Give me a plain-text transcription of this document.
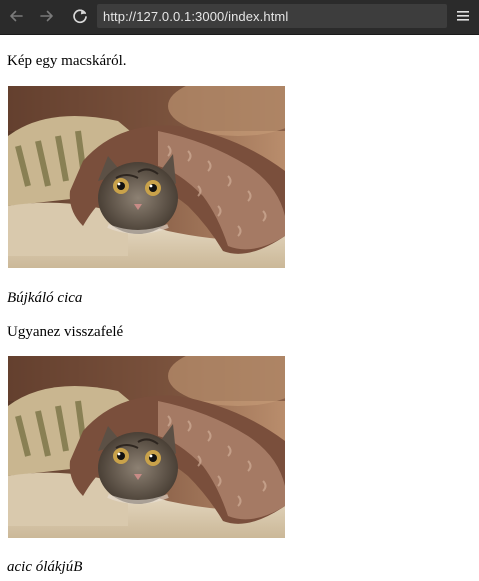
http://127.0.0.1:3000/index.html

Kép egy macskáról.

Bújkáló cica

Ugyanez visszafelé

acic ólákjúB
